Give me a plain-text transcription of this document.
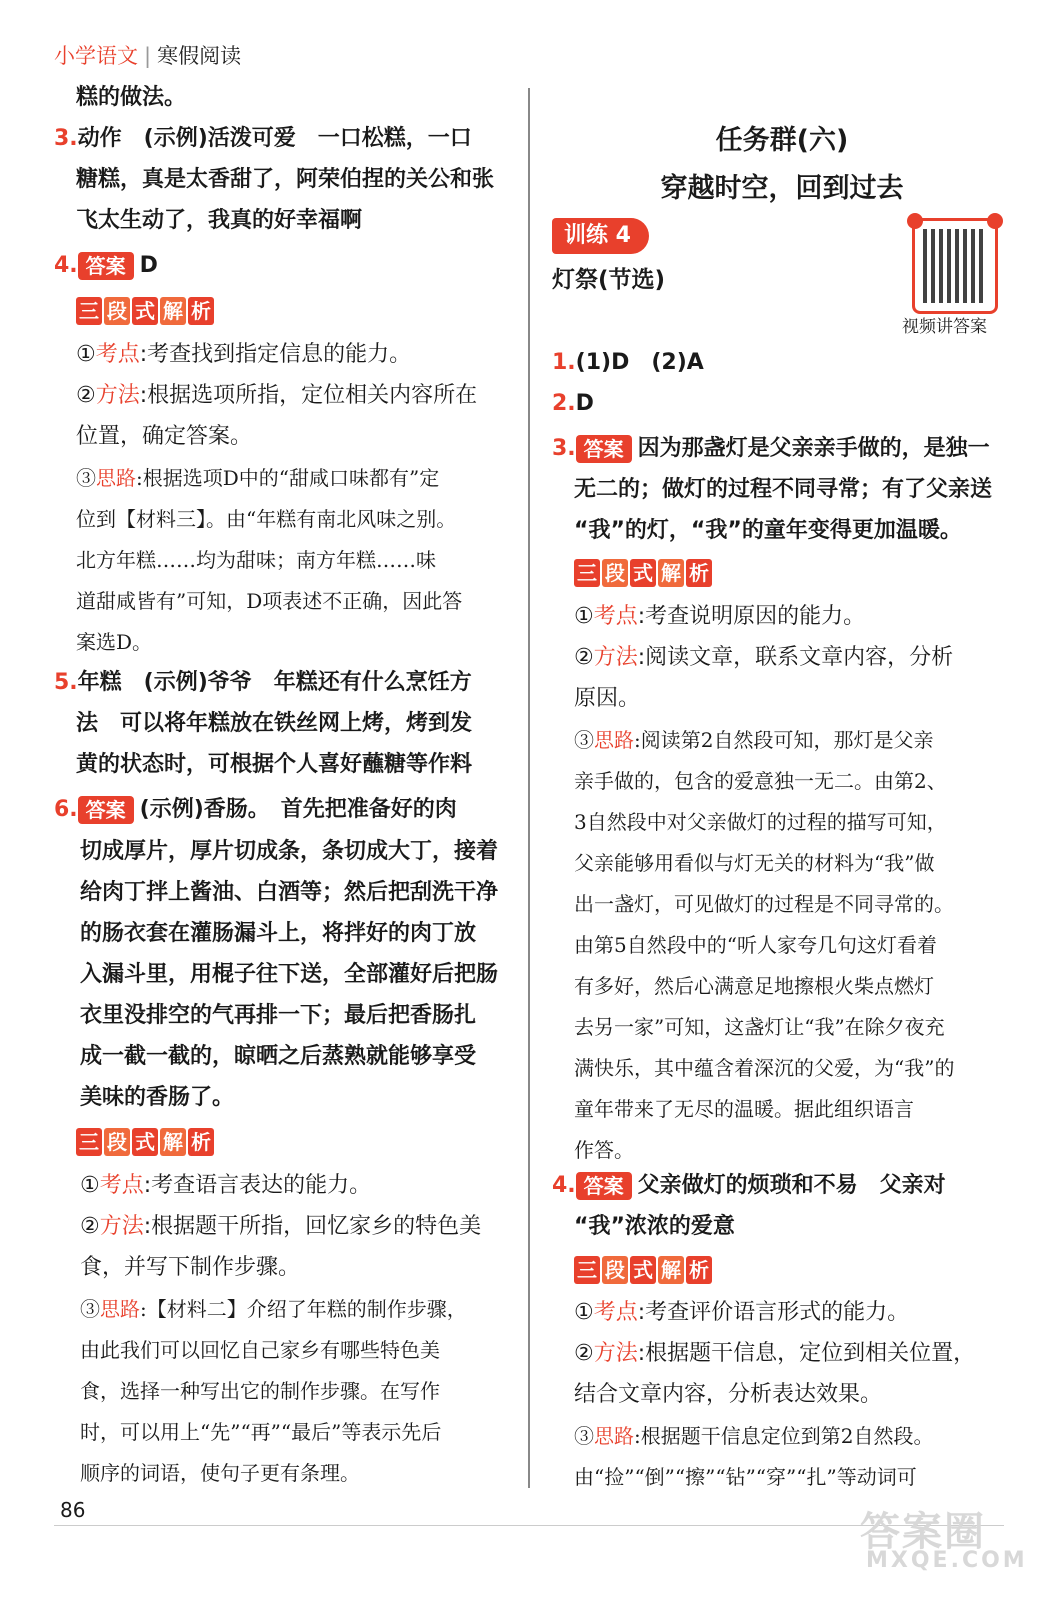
小学语文 | 寒假阅读
糕的做法。
3.动作　(示例)活泼可爱　一口松糕，一口
糖糕，真是太香甜了，阿荣伯捏的关公和张
飞太生动了，我真的好幸福啊
4. 答案 D
三 段 式 解 析
①考点:考查找到指定信息的能力。
②方法:根据选项所指，定位相关内容所在
位置，确定答案。
③思路:根据选项D中的“甜咸口味都有”定
位到【材料三】。由“年糕有南北风味之别。
北方年糕……均为甜味；南方年糕……味
道甜咸皆有”可知，D项表述不正确，因此答
案选D。
5.年糕　(示例)爷爷　年糕还有什么烹饪方
法　可以将年糕放在铁丝网上烤，烤到发
黄的状态时，可根据个人喜好蘸糖等作料
6. 答案 (示例)香肠。　首先把准备好的肉
切成厚片，厚片切成条，条切成大丁，接着
给肉丁拌上酱油、白酒等；然后把刮洗干净
的肠衣套在灌肠漏斗上，将拌好的肉丁放
入漏斗里，用棍子往下送，全部灌好后把肠
衣里没排空的气再排一下；最后把香肠扎
成一截一截的，晾晒之后蒸熟就能够享受
美味的香肠了。
三 段 式 解 析
①考点:考查语言表达的能力。
②方法:根据题干所指，回忆家乡的特色美
食，并写下制作步骤。
③思路:【材料二】介绍了年糕的制作步骤，
由此我们可以回忆自己家乡有哪些特色美
食，选择一种写出它的制作步骤。在写作
时，可以用上“先”“再”“最后”等表示先后
顺序的词语，使句子更有条理。
任务群(六)
穿越时空，回到过去
训练 4
灯祭(节选)
视频讲答案
1.(1)D　(2)A
2.D
3. 答案 因为那盏灯是父亲亲手做的，是独一
无二的；做灯的过程不同寻常；有了父亲送
“我”的灯，“我”的童年变得更加温暖。
三 段 式 解 析
①考点:考查说明原因的能力。
②方法:阅读文章，联系文章内容，分析
原因。
③思路:阅读第2自然段可知，那灯是父亲
亲手做的，包含的爱意独一无二。由第2、
3自然段中对父亲做灯的过程的描写可知，
父亲能够用看似与灯无关的材料为“我”做
出一盏灯，可见做灯的过程是不同寻常的。
由第5自然段中的“听人家夸几句这灯看着
有多好，然后心满意足地擦根火柴点燃灯
去另一家”可知，这盏灯让“我”在除夕夜充
满快乐，其中蕴含着深沉的父爱，为“我”的
童年带来了无尽的温暖。据此组织语言
作答。
4. 答案 父亲做灯的烦琐和不易　父亲对
“我”浓浓的爱意
三 段 式 解 析
①考点:考查评价语言形式的能力。
②方法:根据题干信息，定位到相关位置，
结合文章内容，分析表达效果。
③思路:根据题干信息定位到第2自然段。
由“捡”“倒”“擦”“钻”“穿”“扎”等动词可
86	答案圈
MXQE.COM
